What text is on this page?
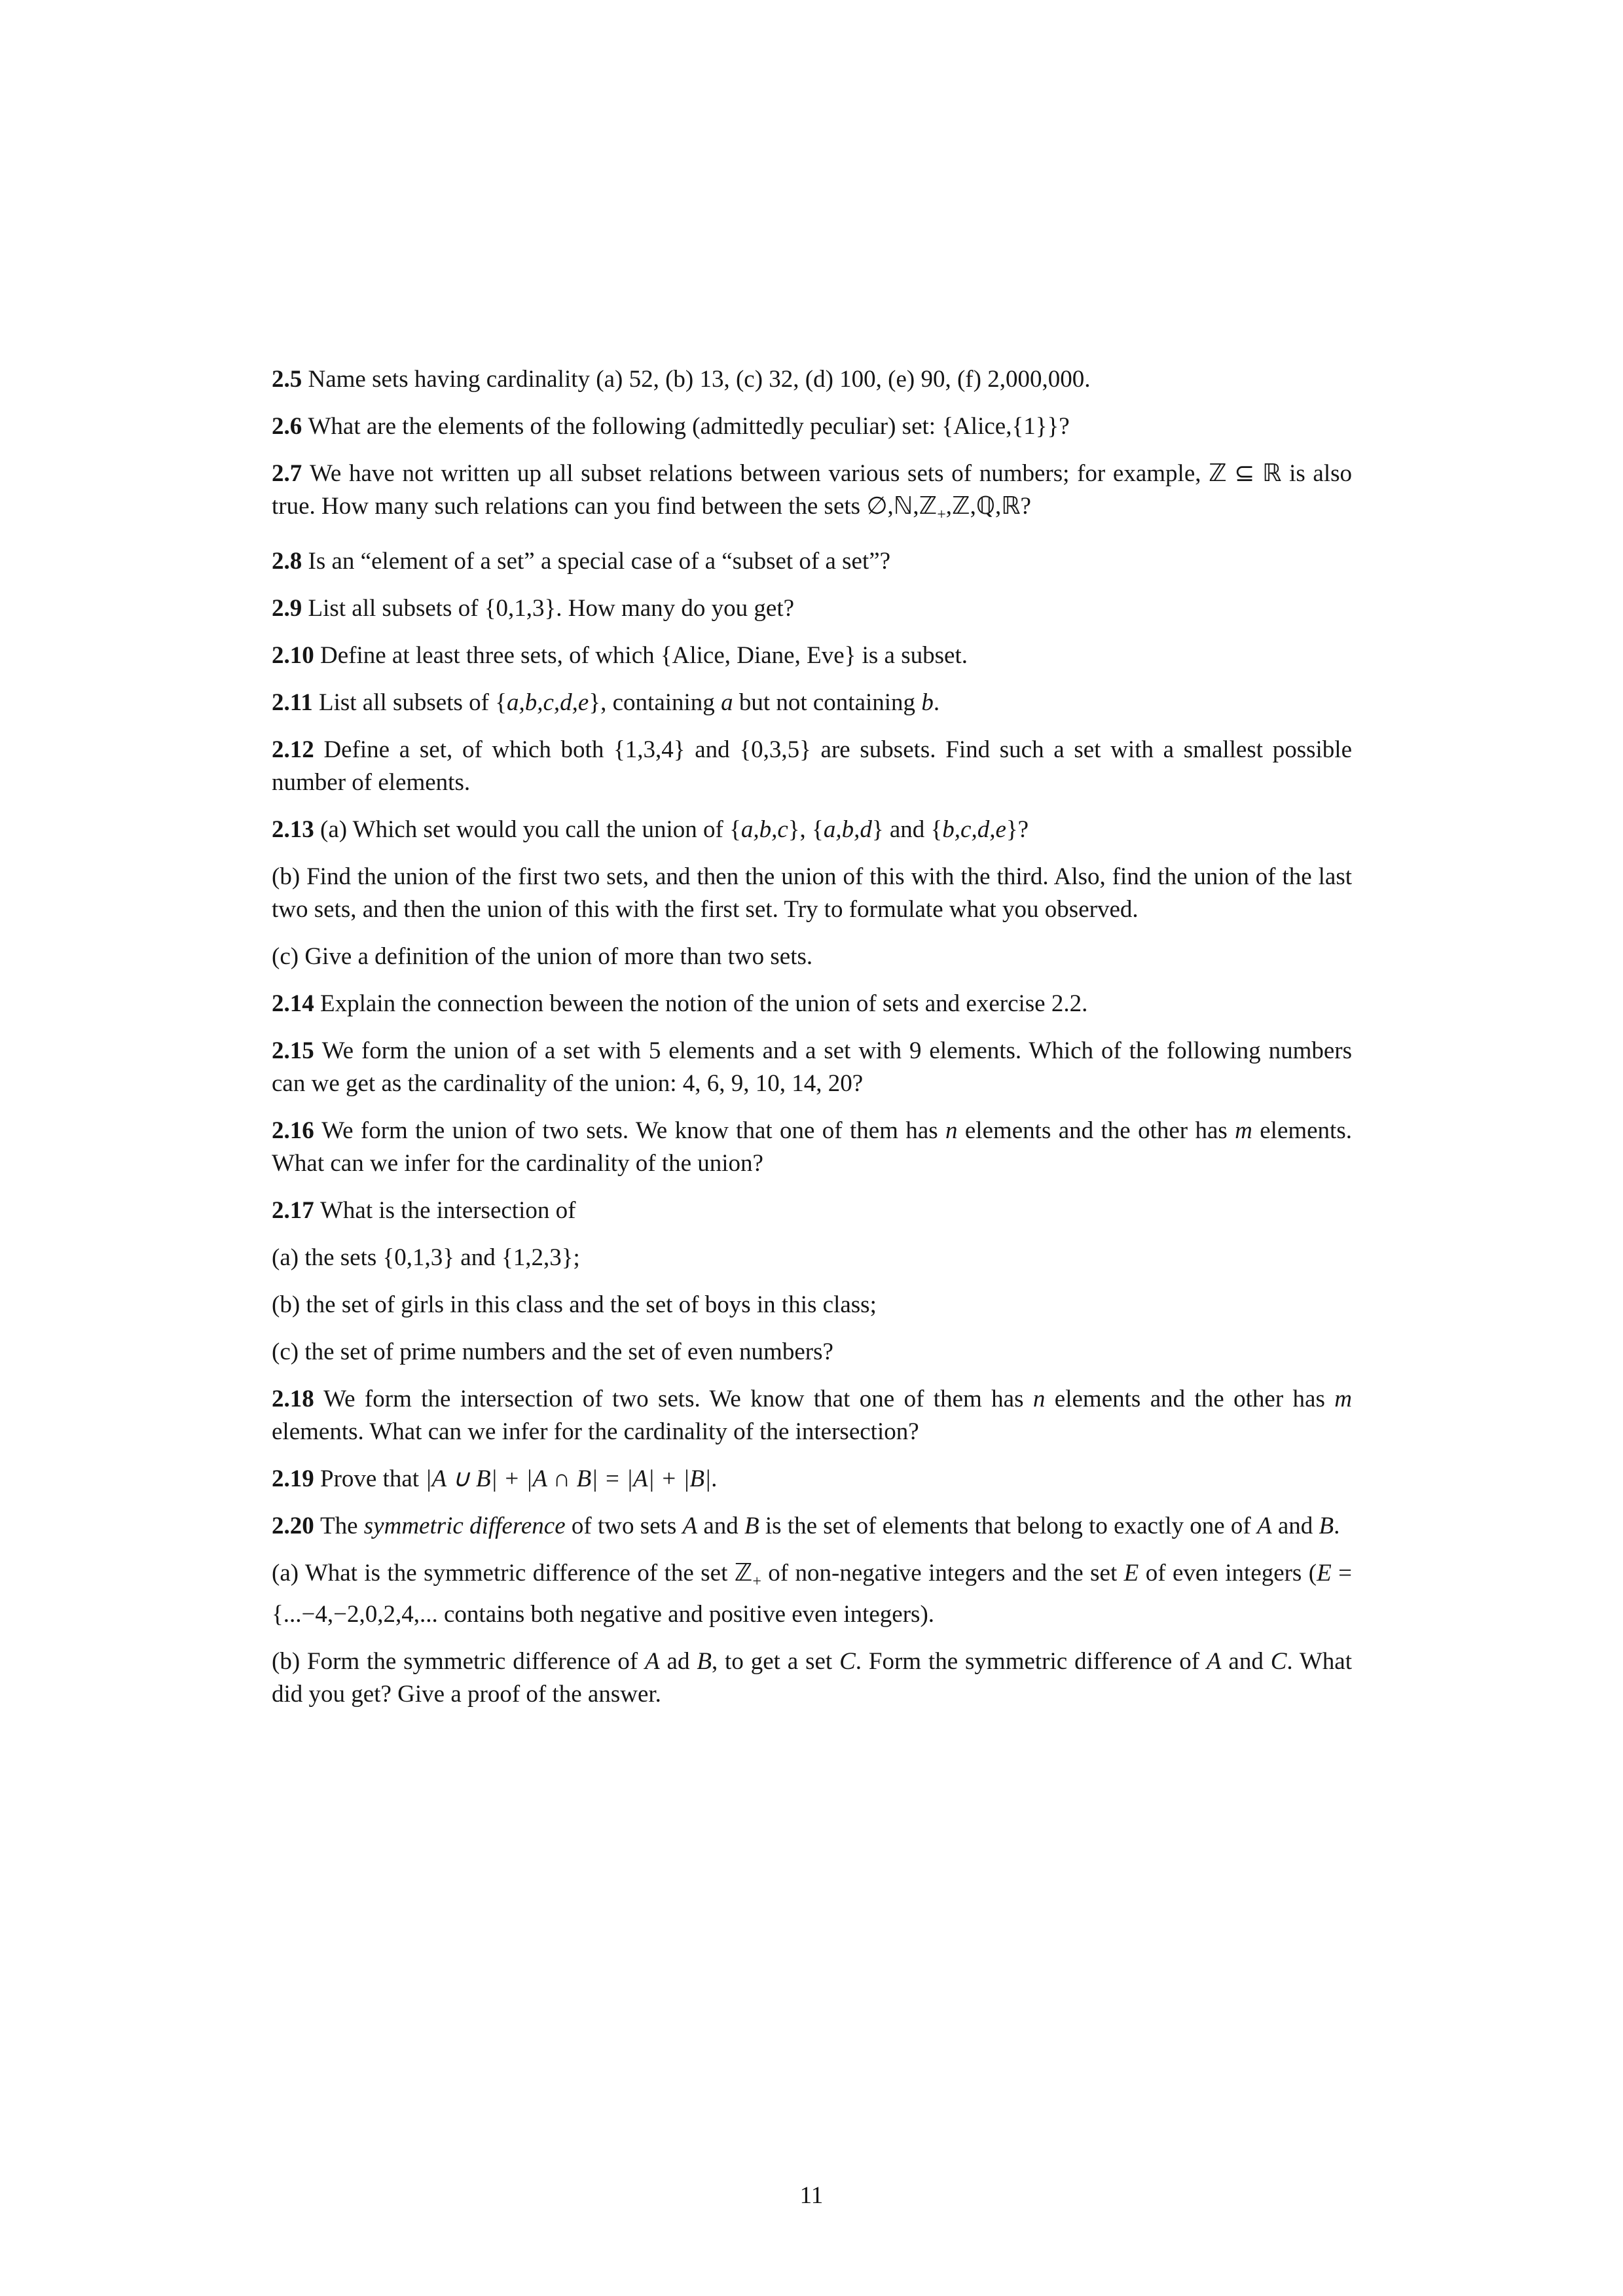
2.5 Name sets having cardinality (a) 52, (b) 13, (c) 32, (d) 100, (e) 90, (f) 2,000,000.

2.6 What are the elements of the following (admittedly peculiar) set: {Alice,{1}}?

2.7 We have not written up all subset relations between various sets of numbers; for example, ℤ ⊆ ℝ is also true. How many such relations can you find between the sets ∅,ℕ,ℤ$_+$,ℤ,ℚ,ℝ?

2.8 Is an “element of a set” a special case of a “subset of a set”?

2.9 List all subsets of {0,1,3}. How many do you get?

2.10 Define at least three sets, of which {Alice, Diane, Eve} is a subset.

2.11 List all subsets of {a,b,c,d,e}, containing a but not containing b.

2.12 Define a set, of which both {1,3,4} and {0,3,5} are subsets. Find such a set with a smallest possible number of elements.

2.13 (a) Which set would you call the union of {a,b,c}, {a,b,d} and {b,c,d,e}?

(b) Find the union of the first two sets, and then the union of this with the third. Also, find the union of the last two sets, and then the union of this with the first set. Try to formulate what you observed.

(c) Give a definition of the union of more than two sets.

2.14 Explain the connection beween the notion of the union of sets and exercise 2.2.

2.15 We form the union of a set with 5 elements and a set with 9 elements. Which of the following numbers can we get as the cardinality of the union: 4, 6, 9, 10, 14, 20?

2.16 We form the union of two sets. We know that one of them has n elements and the other has m elements. What can we infer for the cardinality of the union?

2.17 What is the intersection of

(a) the sets {0,1,3} and {1,2,3};

(b) the set of girls in this class and the set of boys in this class;

(c) the set of prime numbers and the set of even numbers?

2.18 We form the intersection of two sets. We know that one of them has n elements and the other has m elements. What can we infer for the cardinality of the intersection?

2.19 Prove that |A ∪ B| + |A ∩ B| = |A| + |B|.

2.20 The symmetric difference of two sets A and B is the set of elements that belong to exactly one of A and B.

(a) What is the symmetric difference of the set ℤ$_+$ of non-negative integers and the set E of even integers (E = {...−4,−2,0,2,4,... contains both negative and positive even integers).

(b) Form the symmetric difference of A ad B, to get a set C. Form the symmetric difference of A and C. What did you get? Give a proof of the answer.

11
